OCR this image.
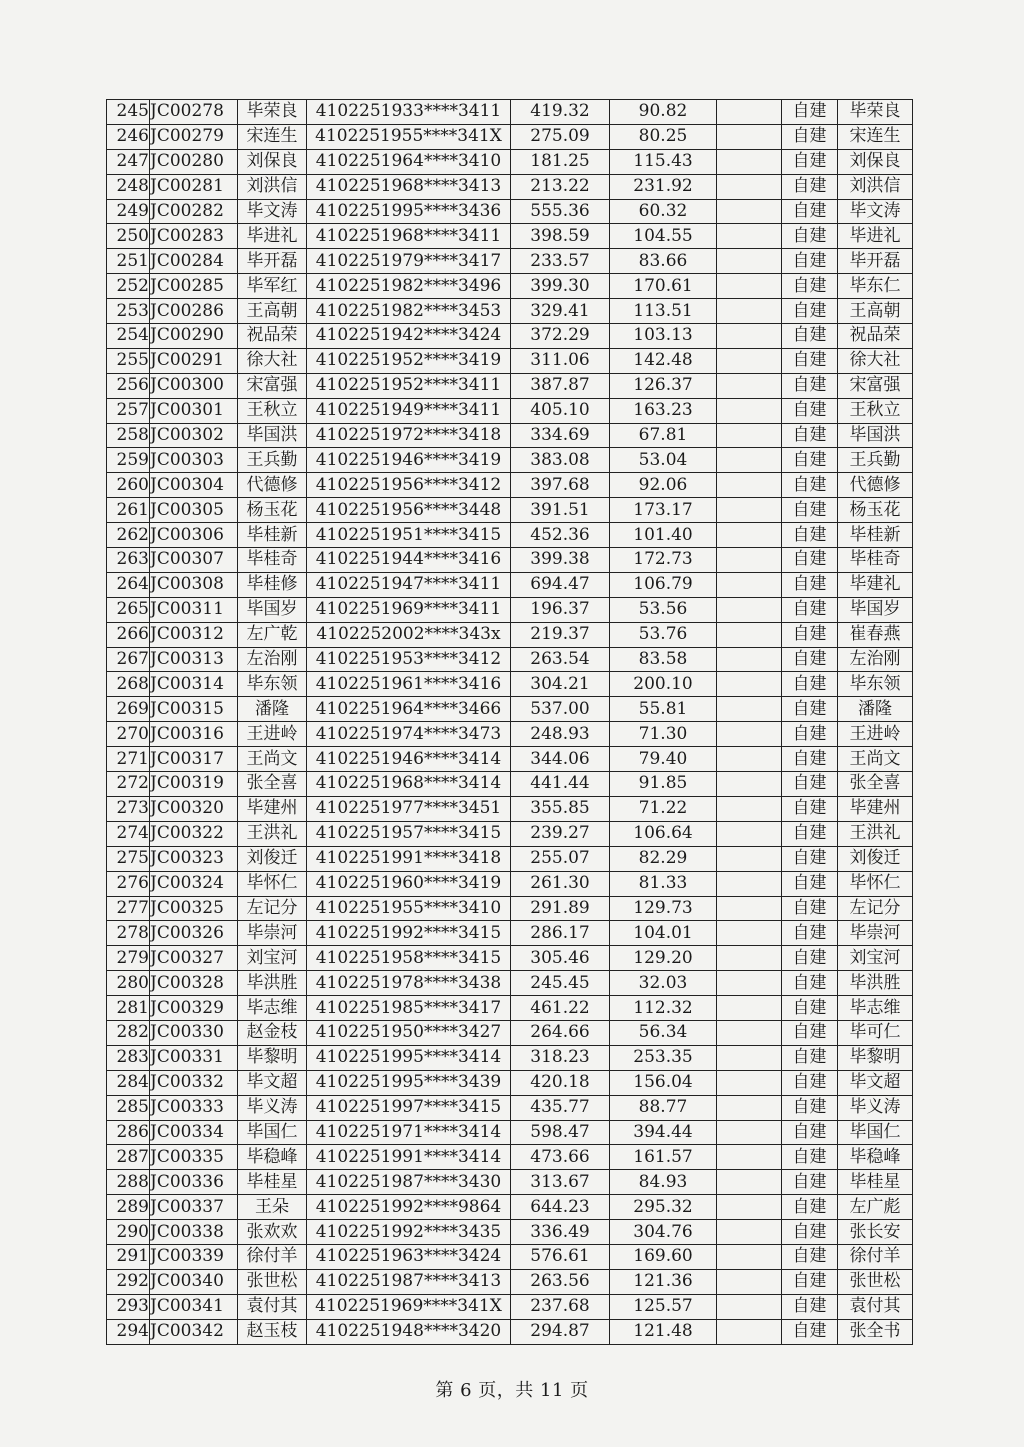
245	JC00278	毕荣良	4102251933****3411	419.32	90.82		自建	毕荣良
246	JC00279	宋连生	4102251955****341X	275.09	80.25		自建	宋连生
247	JC00280	刘保良	4102251964****3410	181.25	115.43		自建	刘保良
248	JC00281	刘洪信	4102251968****3413	213.22	231.92		自建	刘洪信
249	JC00282	毕文涛	4102251995****3436	555.36	60.32		自建	毕文涛
250	JC00283	毕进礼	4102251968****3411	398.59	104.55		自建	毕进礼
251	JC00284	毕开磊	4102251979****3417	233.57	83.66		自建	毕开磊
252	JC00285	毕军红	4102251982****3496	399.30	170.61		自建	毕东仁
253	JC00286	王高朝	4102251982****3453	329.41	113.51		自建	王高朝
254	JC00290	祝品荣	4102251942****3424	372.29	103.13		自建	祝品荣
255	JC00291	徐大社	4102251952****3419	311.06	142.48		自建	徐大社
256	JC00300	宋富强	4102251952****3411	387.87	126.37		自建	宋富强
257	JC00301	王秋立	4102251949****3411	405.10	163.23		自建	王秋立
258	JC00302	毕国洪	4102251972****3418	334.69	67.81		自建	毕国洪
259	JC00303	王兵勤	4102251946****3419	383.08	53.04		自建	王兵勤
260	JC00304	代德修	4102251956****3412	397.68	92.06		自建	代德修
261	JC00305	杨玉花	4102251956****3448	391.51	173.17		自建	杨玉花
262	JC00306	毕桂新	4102251951****3415	452.36	101.40		自建	毕桂新
263	JC00307	毕桂奇	4102251944****3416	399.38	172.73		自建	毕桂奇
264	JC00308	毕桂修	4102251947****3411	694.47	106.79		自建	毕建礼
265	JC00311	毕国岁	4102251969****3411	196.37	53.56		自建	毕国岁
266	JC00312	左广乾	4102252002****343x	219.37	53.76		自建	崔春燕
267	JC00313	左治刚	4102251953****3412	263.54	83.58		自建	左治刚
268	JC00314	毕东领	4102251961****3416	304.21	200.10		自建	毕东领
269	JC00315	潘隆	4102251964****3466	537.00	55.81		自建	潘隆
270	JC00316	王进岭	4102251974****3473	248.93	71.30		自建	王进岭
271	JC00317	王尚文	4102251946****3414	344.06	79.40		自建	王尚文
272	JC00319	张全喜	4102251968****3414	441.44	91.85		自建	张全喜
273	JC00320	毕建州	4102251977****3451	355.85	71.22		自建	毕建州
274	JC00322	王洪礼	4102251957****3415	239.27	106.64		自建	王洪礼
275	JC00323	刘俊迁	4102251991****3418	255.07	82.29		自建	刘俊迁
276	JC00324	毕怀仁	4102251960****3419	261.30	81.33		自建	毕怀仁
277	JC00325	左记分	4102251955****3410	291.89	129.73		自建	左记分
278	JC00326	毕崇河	4102251992****3415	286.17	104.01		自建	毕崇河
279	JC00327	刘宝河	4102251958****3415	305.46	129.20		自建	刘宝河
280	JC00328	毕洪胜	4102251978****3438	245.45	32.03		自建	毕洪胜
281	JC00329	毕志维	4102251985****3417	461.22	112.32		自建	毕志维
282	JC00330	赵金枝	4102251950****3427	264.66	56.34		自建	毕可仁
283	JC00331	毕黎明	4102251995****3414	318.23	253.35		自建	毕黎明
284	JC00332	毕文超	4102251995****3439	420.18	156.04		自建	毕文超
285	JC00333	毕义涛	4102251997****3415	435.77	88.77		自建	毕义涛
286	JC00334	毕国仁	4102251971****3414	598.47	394.44		自建	毕国仁
287	JC00335	毕稳峰	4102251991****3414	473.66	161.57		自建	毕稳峰
288	JC00336	毕桂星	4102251987****3430	313.67	84.93		自建	毕桂星
289	JC00337	王朵	4102251992****9864	644.23	295.32		自建	左广彪
290	JC00338	张欢欢	4102251992****3435	336.49	304.76		自建	张长安
291	JC00339	徐付羊	4102251963****3424	576.61	169.60		自建	徐付羊
292	JC00340	张世松	4102251987****3413	263.56	121.36		自建	张世松
293	JC00341	袁付其	4102251969****341X	237.68	125.57		自建	袁付其
294	JC00342	赵玉枝	4102251948****3420	294.87	121.48		自建	张全书
第 6 页，共 11 页
